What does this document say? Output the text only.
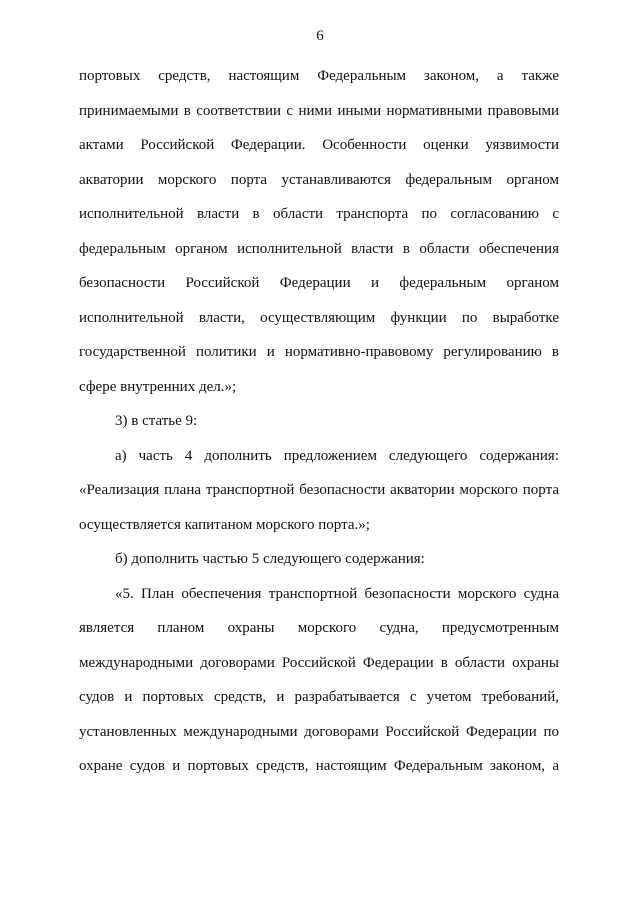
6
портовых средств, настоящим Федеральным законом, а также
принимаемыми в соответствии с ними иными нормативными правовыми
актами Российской Федерации. Особенности оценки уязвимости
акватории морского порта устанавливаются федеральным органом
исполнительной власти в области транспорта по согласованию с
федеральным органом исполнительной власти в области обеспечения
безопасности Российской Федерации и федеральным органом
исполнительной власти, осуществляющим функции по выработке
государственной политики и нормативно-правовому регулированию в
сфере внутренних дел.»;
3) в статье 9:
а) часть 4 дополнить предложением следующего содержания:
«Реализация плана транспортной безопасности акватории морского порта
осуществляется капитаном морского порта.»;
б) дополнить частью 5 следующего содержания:
«5. План обеспечения транспортной безопасности морского судна
является планом охраны морского судна, предусмотренным
международными договорами Российской Федерации в области охраны
судов и портовых средств, и разрабатывается с учетом требований,
установленных международными договорами Российской Федерации по
охране судов и портовых средств, настоящим Федеральным законом, а
